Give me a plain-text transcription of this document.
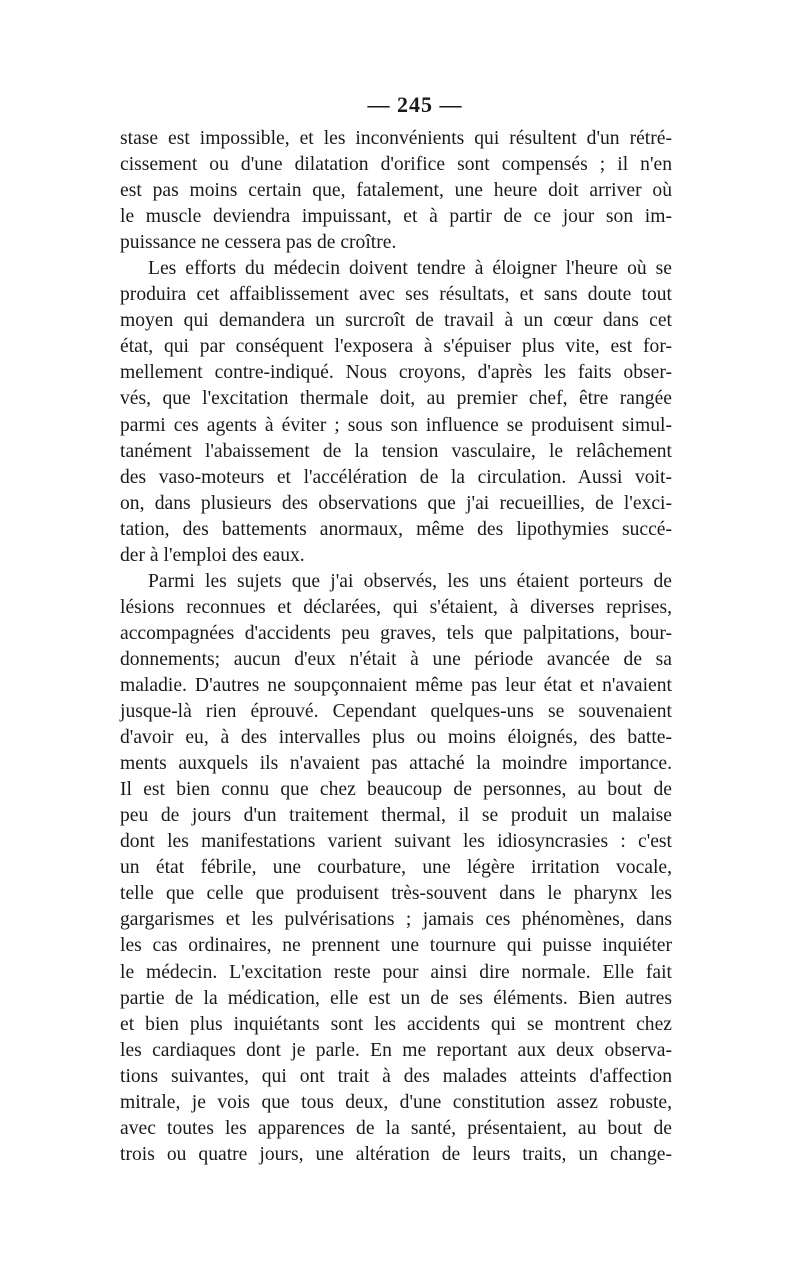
— 245 —

stase est impossible, et les inconvénients qui résultent d'un rétré-
cissement ou d'une dilatation d'orifice sont compensés ; il n'en
est pas moins certain que, fatalement, une heure doit arriver où
le muscle deviendra impuissant, et à partir de ce jour son im-
puissance ne cessera pas de croître.

Les efforts du médecin doivent tendre à éloigner l'heure où se
produira cet affaiblissement avec ses résultats, et sans doute tout
moyen qui demandera un surcroît de travail à un cœur dans cet
état, qui par conséquent l'exposera à s'épuiser plus vite, est for-
mellement contre-indiqué. Nous croyons, d'après les faits obser-
vés, que l'excitation thermale doit, au premier chef, être rangée
parmi ces agents à éviter ; sous son influence se produisent simul-
tanément l'abaissement de la tension vasculaire, le relâchement
des vaso-moteurs et l'accélération de la circulation. Aussi voit-
on, dans plusieurs des observations que j'ai recueillies, de l'exci-
tation, des battements anormaux, même des lipothymies succé-
der à l'emploi des eaux.

Parmi les sujets que j'ai observés, les uns étaient porteurs de
lésions reconnues et déclarées, qui s'étaient, à diverses reprises,
accompagnées d'accidents peu graves, tels que palpitations, bour-
donnements; aucun d'eux n'était à une période avancée de sa
maladie. D'autres ne soupçonnaient même pas leur état et n'avaient
jusque-là rien éprouvé. Cependant quelques-uns se souvenaient
d'avoir eu, à des intervalles plus ou moins éloignés, des batte-
ments auxquels ils n'avaient pas attaché la moindre importance.
Il est bien connu que chez beaucoup de personnes, au bout de
peu de jours d'un traitement thermal, il se produit un malaise
dont les manifestations varient suivant les idiosyncrasies : c'est
un état fébrile, une courbature, une légère irritation vocale,
telle que celle que produisent très-souvent dans le pharynx les
gargarismes et les pulvérisations ; jamais ces phénomènes, dans
les cas ordinaires, ne prennent une tournure qui puisse inquiéter
le médecin. L'excitation reste pour ainsi dire normale. Elle fait
partie de la médication, elle est un de ses éléments. Bien autres
et bien plus inquiétants sont les accidents qui se montrent chez
les cardiaques dont je parle. En me reportant aux deux observa-
tions suivantes, qui ont trait à des malades atteints d'affection
mitrale, je vois que tous deux, d'une constitution assez robuste,
avec toutes les apparences de la santé, présentaient, au bout de
trois ou quatre jours, une altération de leurs traits, un change-
